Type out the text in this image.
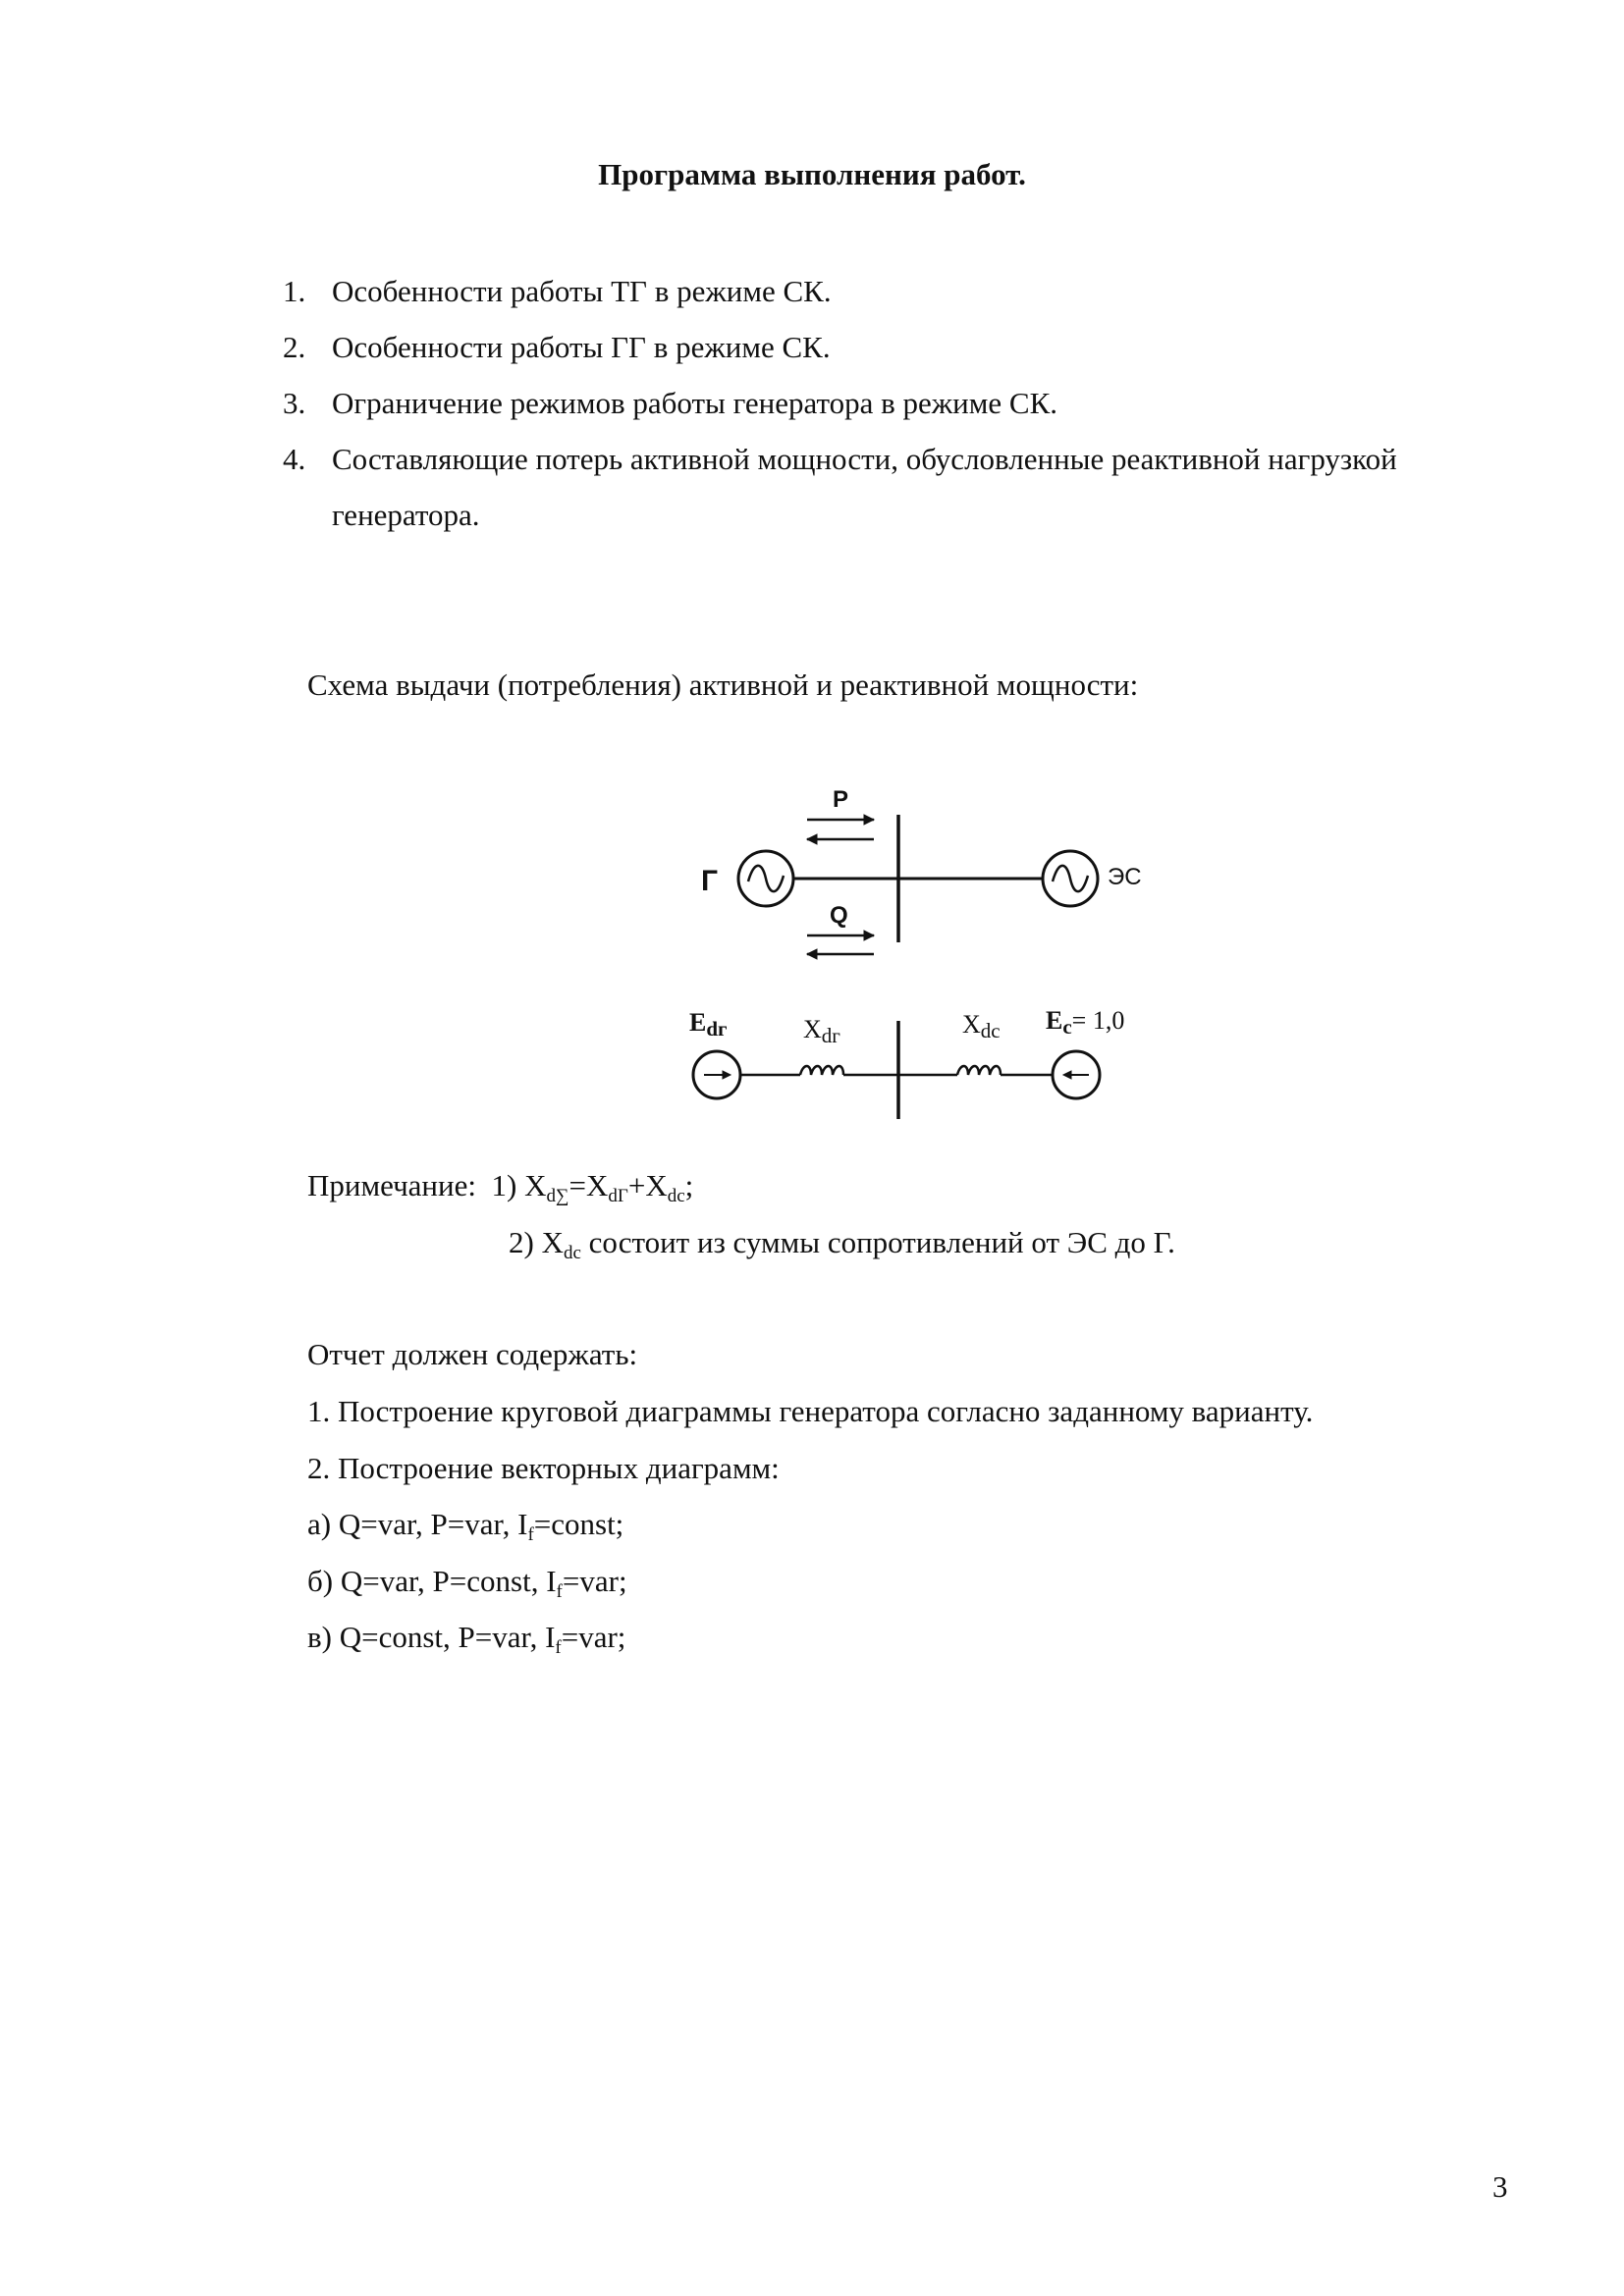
Программа выполнения работ.
1. Особенности работы ТГ в режиме СК.
2. Особенности работы ГГ в режиме СК.
3. Ограничение режимов работы генератора в режиме СК.
4. Составляющие потерь активной мощности, обусловленные реактивной нагрузкой генератора.
Схема выдачи (потребления) активной и реактивной мощности:
P
Q
Г	ЭС
Edг	Xdг	Xdc Ec= 1,0
Примечание: 1) $X_{d\sum}=X_{dГ}+X_{dc}$;
2) $X_{dc}$ состоит из суммы сопротивлений от ЭС до Г.
Отчет должен содержать:
1. Построение круговой диаграммы генератора согласно заданному варианту.
2. Построение векторных диаграмм:
а) Q=var, P=var, $I_f=const$;
б) Q=var, P=const, $I_f=var$;
в) Q=const, P=var, $I_f=var$;
3
